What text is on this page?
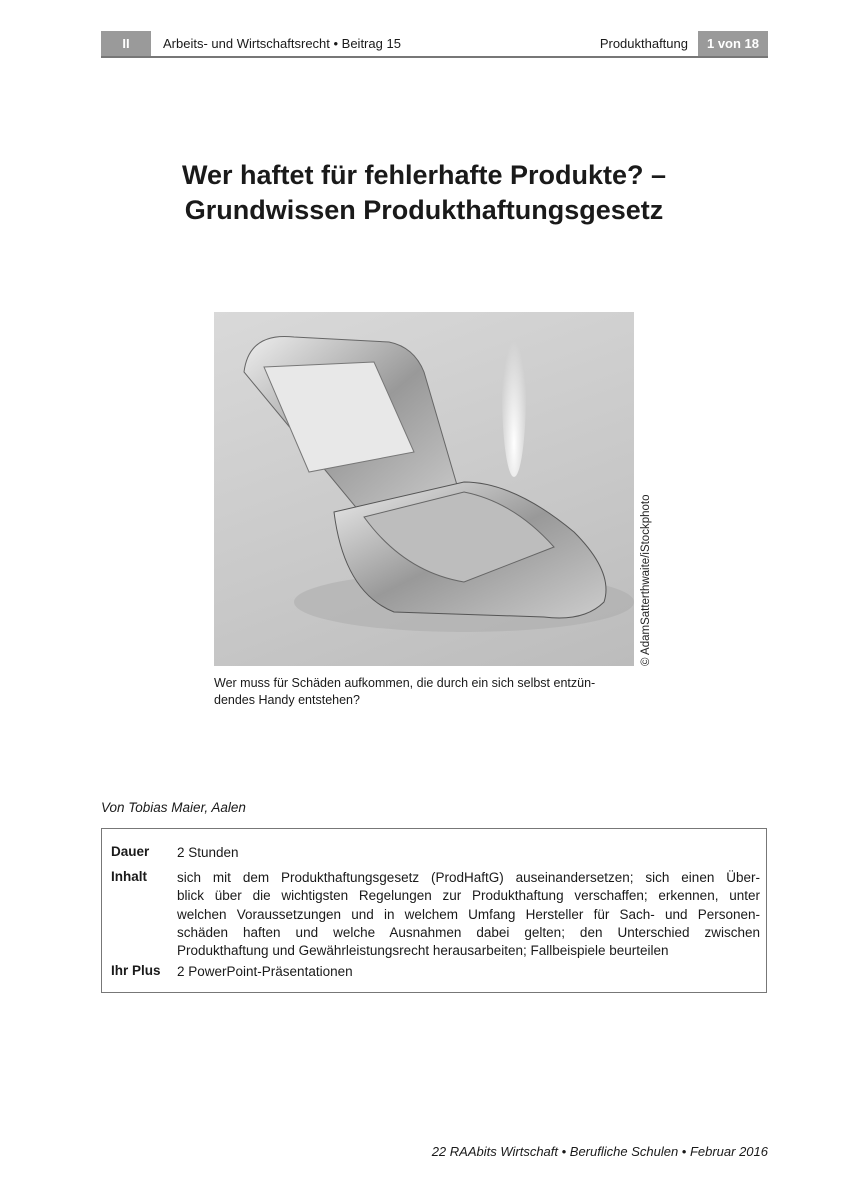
II	Arbeits- und Wirtschaftsrecht • Beitrag 15	Produkthaftung	1 von 18
Wer haftet für fehlerhafte Produkte? –
Grundwissen Produkthaftungsgesetz
© AdamSatterthwaite/iStockphoto
Wer muss für Schäden aufkommen, die durch ein sich selbst entzün-
dendes Handy entstehen?
Von Tobias Maier, Aalen
Dauer 2 Stunden
Inhalt sich mit dem Produkthaftungsgesetz (ProdHaftG) auseinandersetzen; sich einen Über-
blick über die wichtigsten Regelungen zur Produkthaftung verschaffen; erkennen, unter
welchen Voraussetzungen und in welchem Umfang Hersteller für Sach- und Personen-
schäden haften und welche Ausnahmen dabei gelten; den Unterschied zwischen
Produkthaftung und Gewährleistungsrecht herausarbeiten; Fallbeispiele beurteilen
Ihr Plus 2 PowerPoint-Präsentationen
22 RAAbits Wirtschaft • Berufliche Schulen • Februar 2016
